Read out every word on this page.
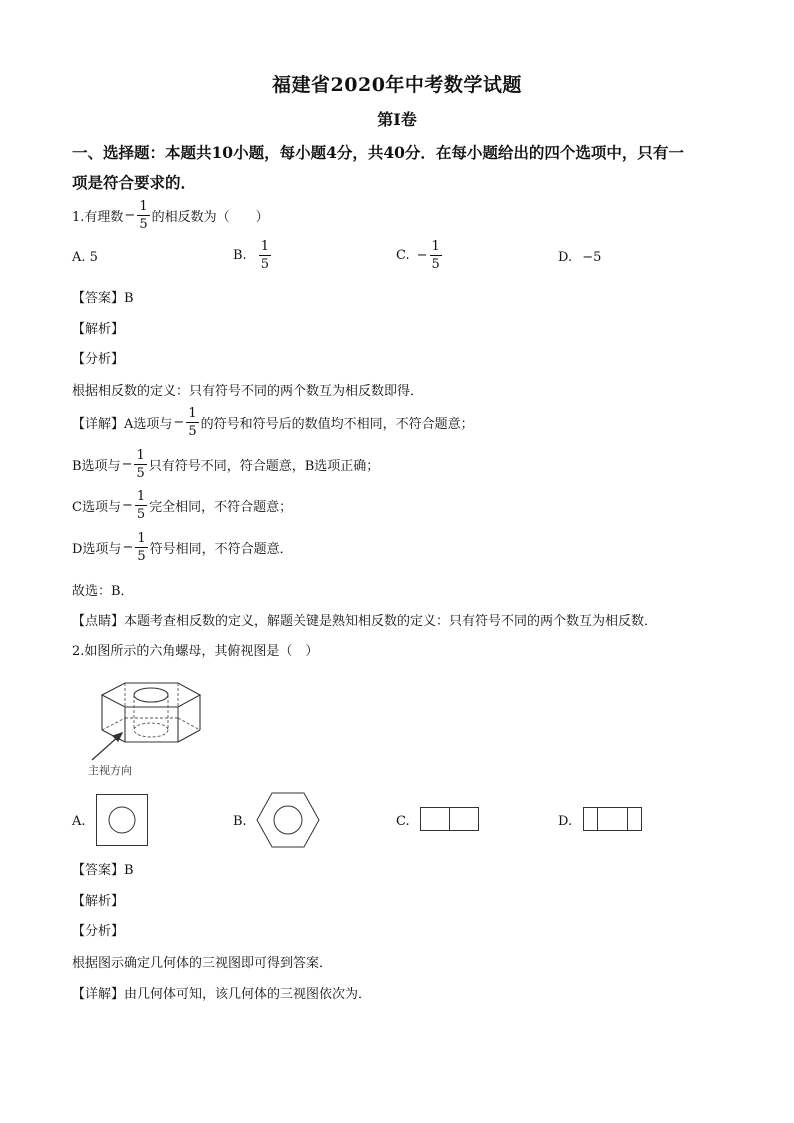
福建省2020年中考数学试题
第Ⅰ卷
一、选择题：本题共10小题，每小题4分，共40分．在每小题给出的四个选项中，只有一
项是符合要求的．
1.有理数 − $\frac{1}{5}$ 的相反数为（　　）
A. 5	B. $\frac{1}{5}$	C. − $\frac{1}{5}$	D. −5
【答案】B
【解析】
【分析】
根据相反数的定义：只有符号不同的两个数互为相反数即得．
【详解】 A选项与 − $\frac{1}{5}$ 的符号和符号后的数值均不相同，不符合题意；
B选项与 − $\frac{1}{5}$ 只有符号不同，符合题意，B选项正确；
C选项与 − $\frac{1}{5}$ 完全相同，不符合题意；
D选项与 − $\frac{1}{5}$ 符号相同，不符合题意．
故选：B．
【点睛】本题考查相反数的定义，解题关键是熟知相反数的定义：只有符号不同的两个数互为相反数．
2.如图所示的六角螺母，其俯视图是（　）
主视方向
A.	B.	C.	D.
【答案】B
【解析】
【分析】
根据图示确定几何体的三视图即可得到答案．
【详解】由几何体可知，该几何体的三视图依次为．
